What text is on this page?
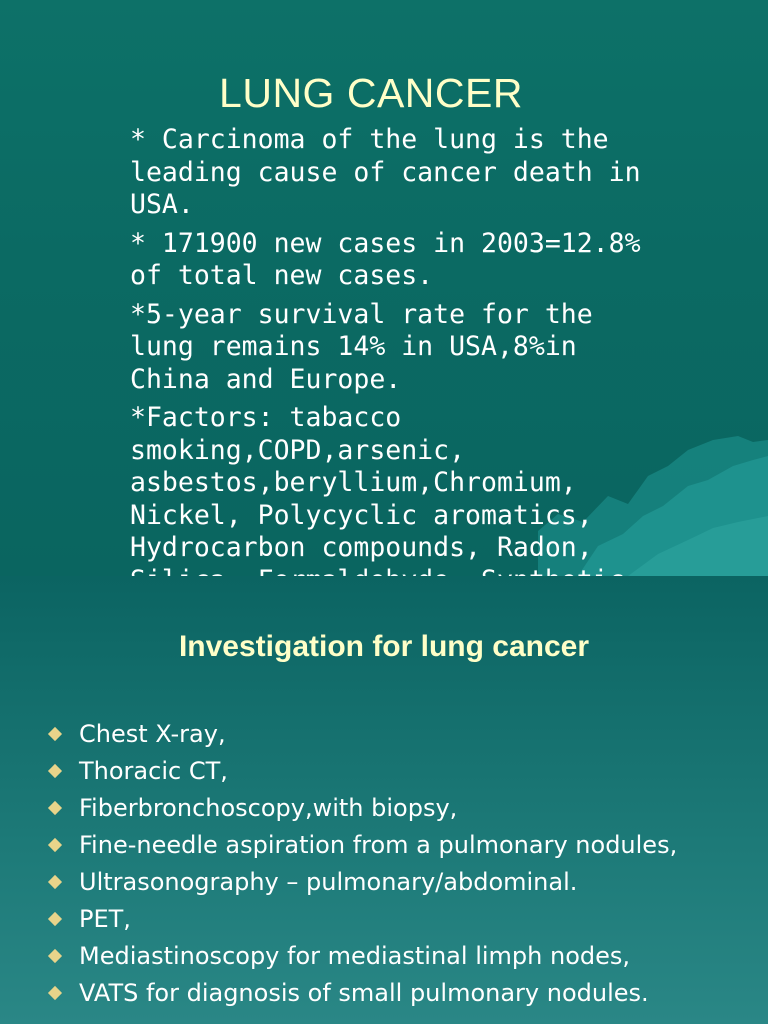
LUNG CANCER

* Carcinoma of the lung is the leading cause of cancer death in USA.

* 171900 new cases in 2003=12.8% of total new cases.

*5-year survival rate for the lung remains 14% in USA,8%in China and Europe.

*Factors: tabacco smoking,COPD,arsenic, asbestos,beryllium,Chromium, Nickel, Polycyclic aromatics, Hydrocarbon compounds, Radon,

Investigation for lung cancer
Chest X-ray,
Thoracic CT,
Fiberbronchoscopy,with biopsy,
Fine-needle aspiration from a pulmonary nodules,
Ultrasonography – pulmonary/abdominal.
PET,
Mediastinoscopy for mediastinal limph nodes,
VATS for diagnosis of small pulmonary nodules.
